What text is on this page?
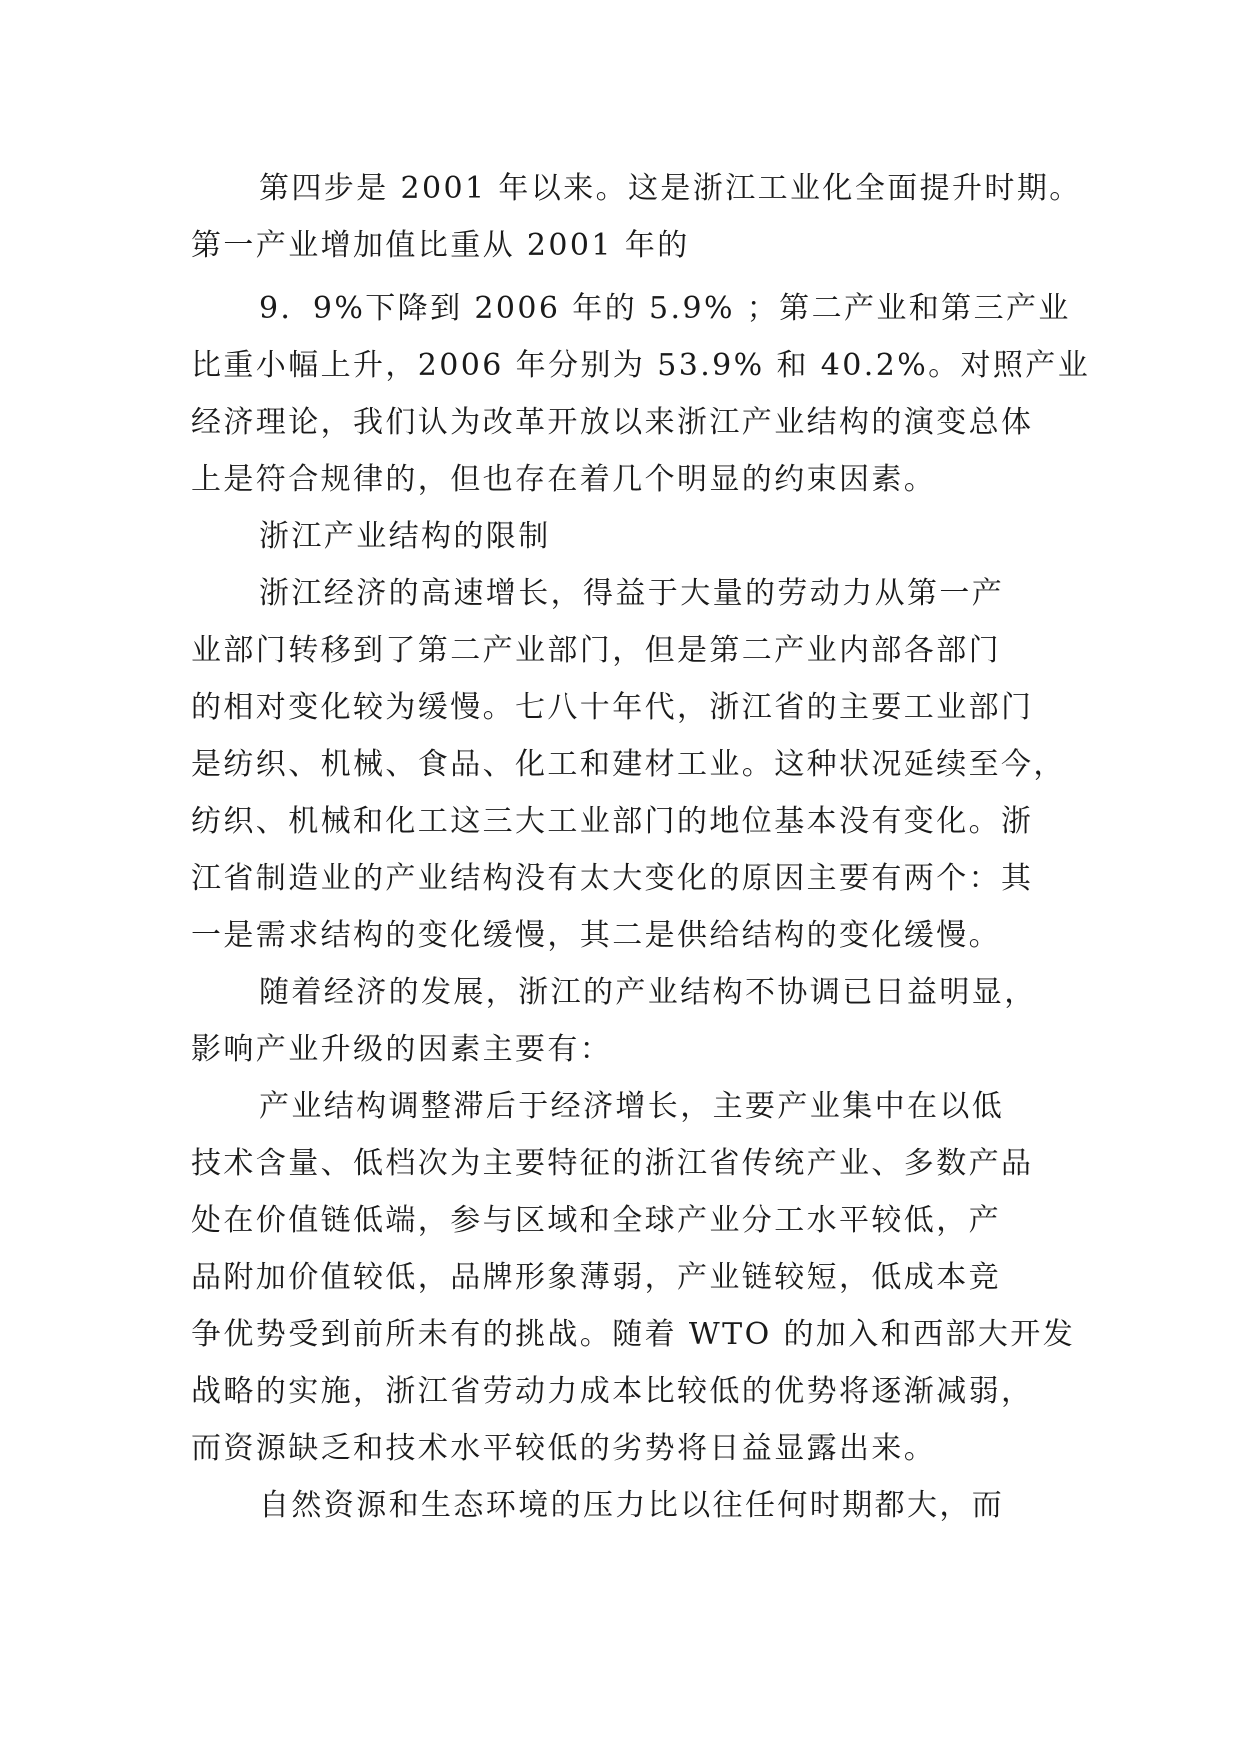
第四步是 2001 年以来。这是浙江工业化全面提升时期。
第一产业增加值比重从 2001 年的
9．9%下降到 2006 年的 5.9% ；第二产业和第三产业
比重小幅上升，2006 年分别为 53.9% 和 40.2%。对照产业
经济理论，我们认为改革开放以来浙江产业结构的演变总体
上是符合规律的，但也存在着几个明显的约束因素。
浙江产业结构的限制
浙江经济的高速增长，得益于大量的劳动力从第一产
业部门转移到了第二产业部门，但是第二产业内部各部门
的相对变化较为缓慢。七八十年代，浙江省的主要工业部门
是纺织、机械、食品、化工和建材工业。这种状况延续至今，
纺织、机械和化工这三大工业部门的地位基本没有变化。浙
江省制造业的产业结构没有太大变化的原因主要有两个：其
一是需求结构的变化缓慢，其二是供给结构的变化缓慢。
随着经济的发展，浙江的产业结构不协调已日益明显，
影响产业升级的因素主要有：
产业结构调整滞后于经济增长，主要产业集中在以低
技术含量、低档次为主要特征的浙江省传统产业、多数产品
处在价值链低端，参与区域和全球产业分工水平较低，产
品附加价值较低，品牌形象薄弱，产业链较短，低成本竞
争优势受到前所未有的挑战。随着 WTO 的加入和西部大开发
战略的实施，浙江省劳动力成本比较低的优势将逐渐减弱，
而资源缺乏和技术水平较低的劣势将日益显露出来。
自然资源和生态环境的压力比以往任何时期都大，而
